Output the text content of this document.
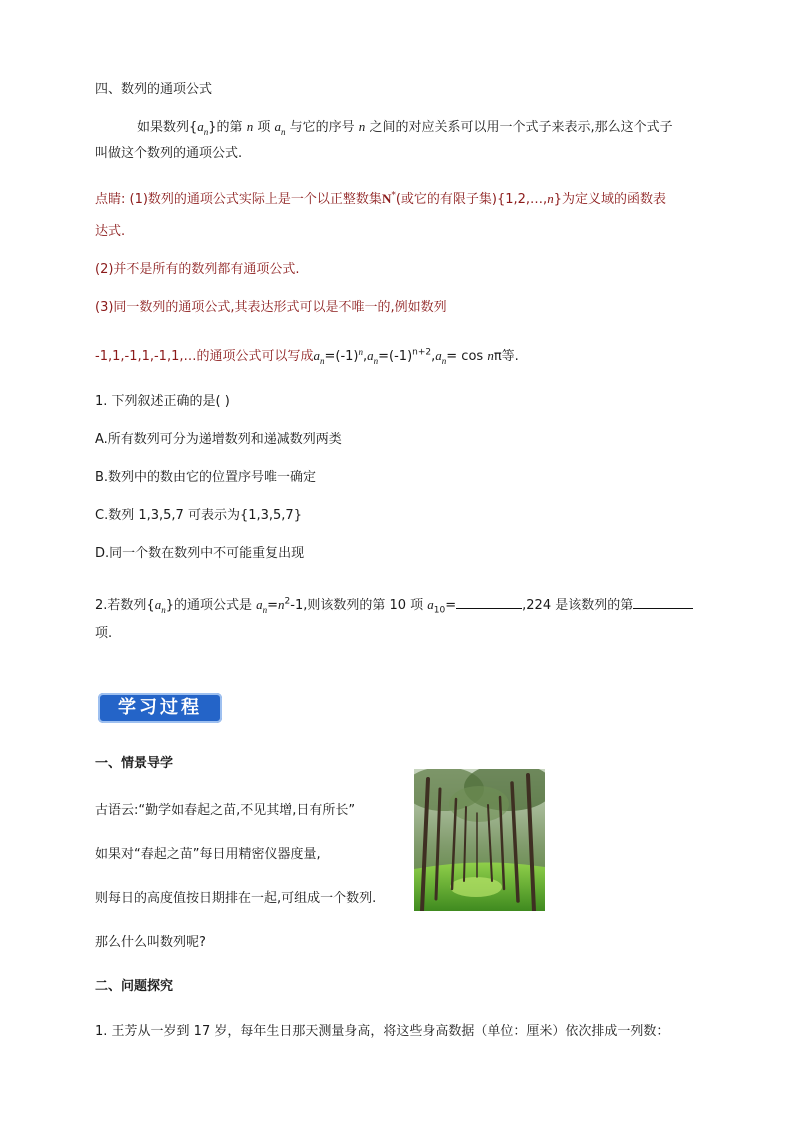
四、数列的通项公式
如果数列$\{a_n\}$的第 n 项 $a_n$ 与它的序号 n 之间的对应关系可以用一个式子来表示,那么这个式子
叫做这个数列的通项公式.
点睛: (1)数列的通项公式实际上是一个以正整数集N*(或它的有限子集){1,2,…,n}为定义域的函数表
达式.
(2)并不是所有的数列都有通项公式.
(3)同一数列的通项公式,其表达形式可以是不唯一的,例如数列
-1,1,-1,1,-1,1,…的通项公式可以写成$a_n=(-1)^n,a_n=(-1)^{n+2},a_n= \cos n\pi$等.
1. 下列叙述正确的是( )
A.所有数列可分为递增数列和递减数列两类
B.数列中的数由它的位置序号唯一确定
C.数列 1,3,5,7 可表示为{1,3,5,7}
D.同一个数在数列中不可能重复出现
2.若数列$\{a_n\}$的通项公式是 $a_n=n^2-1$,则该数列的第 10 项 $a_{10}=$	,224 是该数列的第
项.
学习过程
一、情景导学
古语云:“勤学如春起之苗,不见其增,日有所长”
如果对“春起之苗”每日用精密仪器度量,
则每日的高度值按日期排在一起,可组成一个数列.
那么什么叫数列呢?
二、问题探究
1. 王芳从一岁到 17 岁，每年生日那天测量身高，将这些身高数据（单位：厘米）依次排成一列数：
